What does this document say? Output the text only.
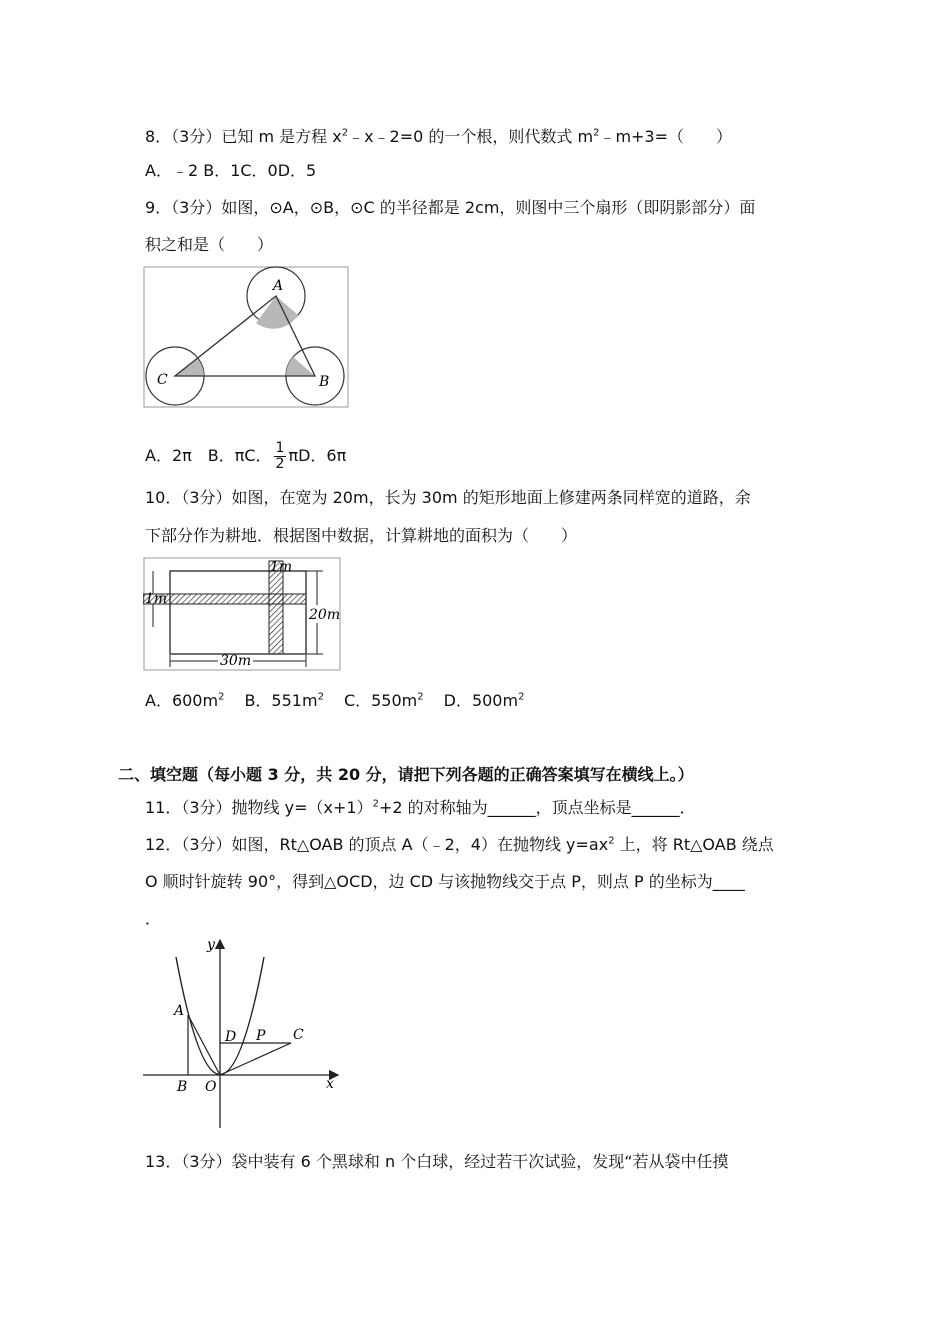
8．（3分）已知 m 是方程 $x^2﹣x﹣2=0$ 的一个根，则代数式 $m^2﹣m+3=$（　　）
A．﹣2 B．1C．0D．5
9．（3分）如图，⊙A，⊙B，⊙C 的半径都是 2cm，则图中三个扇形（即阴影部分）面
积之和是（　　）
A
C	B
A．2π　B．πC． $\frac{1}{2}$ πD．6π
10．（3分）如图，在宽为 20m，长为 30m 的矩形地面上修建两条同样宽的道路，余
下部分作为耕地．根据图中数据，计算耕地的面积为（　　）
1m
1m
20m
30m
A．$600m^2$ B．$551m^2$ C．$550m^2$ D．$500m^2$
二、填空题（每小题 3 分，共 20 分，请把下列各题的正确答案填写在横线上。）
11．（3分）抛物线 $y=(x+1)^2+2$ 的对称轴为______，顶点坐标是______．
12．（3分）如图，Rt△OAB 的顶点 A（﹣2，4）在抛物线 $y=ax^2$ 上，将 Rt△OAB 绕点
O 顺时针旋转 90°，得到△OCD，边 CD 与该抛物线交于点 P，则点 P 的坐标为____
．
y
x
A
B O
D P C
13．（3分）袋中装有 6 个黑球和 n 个白球，经过若干次试验，发现“若从袋中任摸
